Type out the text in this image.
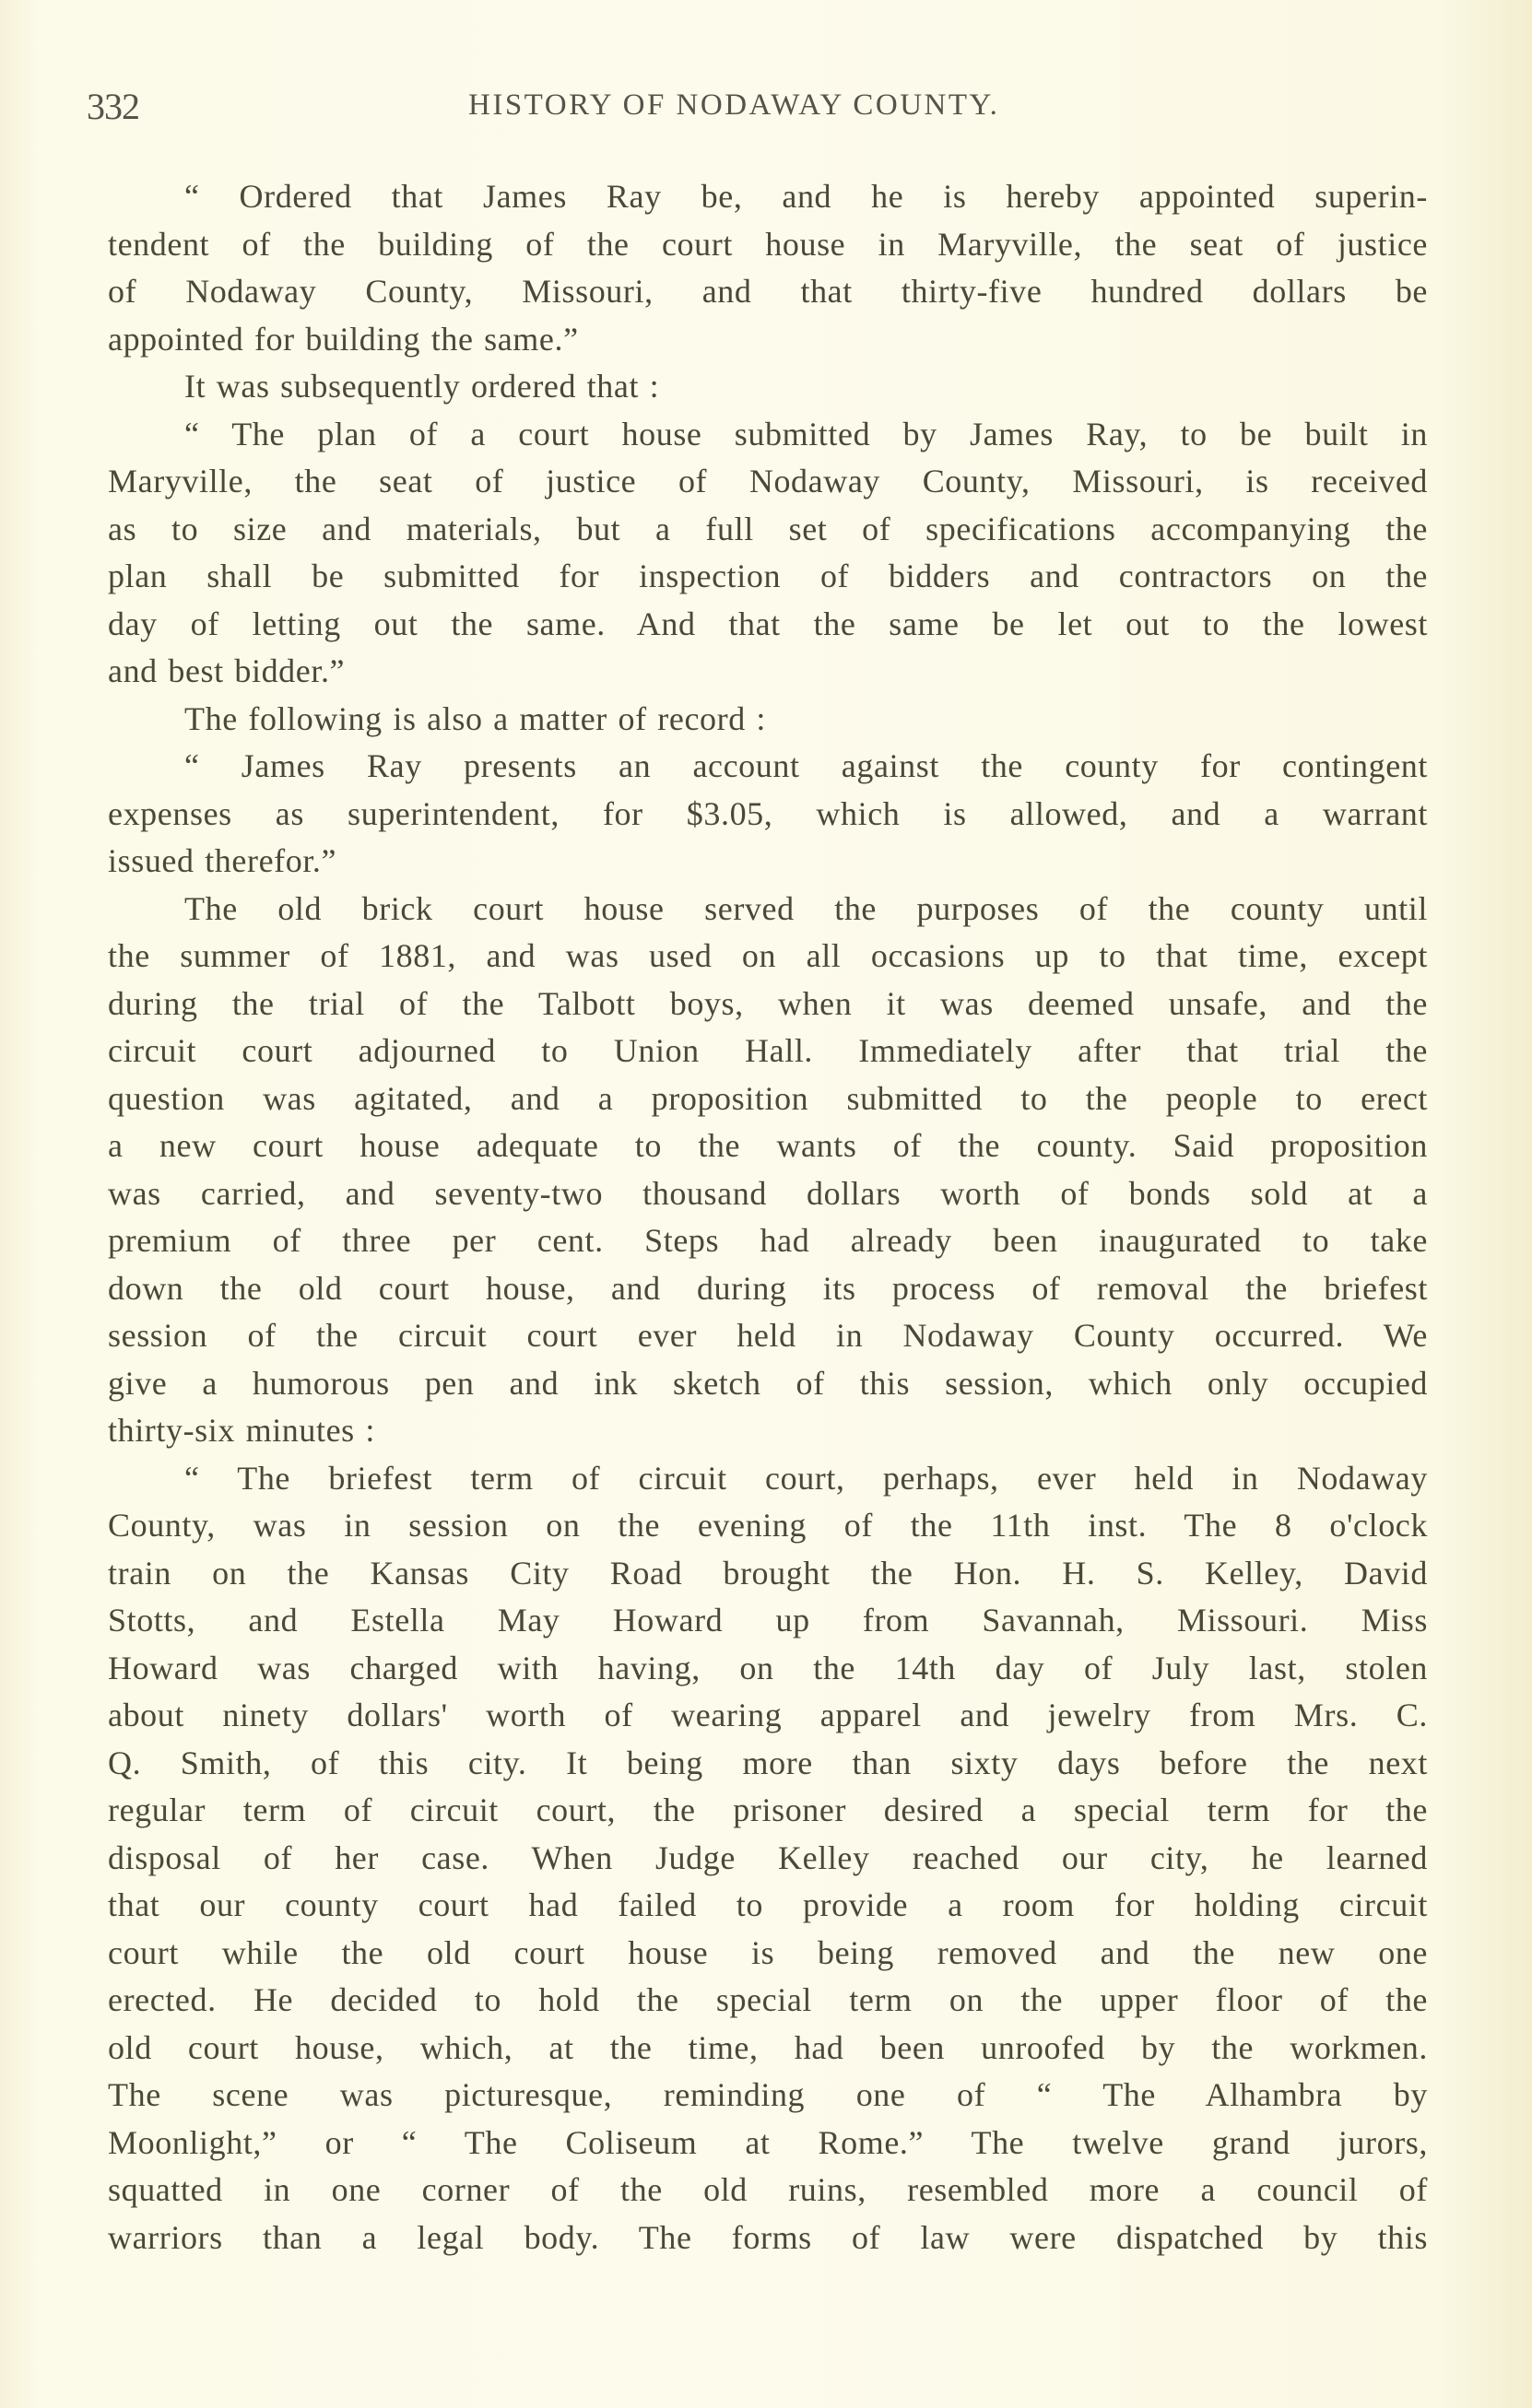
332	HISTORY OF NODAWAY COUNTY.
“ Ordered that James Ray be, and he is hereby appointed superin-
tendent of the building of the court house in Maryville, the seat of justice
of Nodaway County, Missouri, and that thirty-five hundred dollars be
appointed for building the same.”
It was subsequently ordered that :
“ The plan of a court house submitted by James Ray, to be built in
Maryville, the seat of justice of Nodaway County, Missouri, is received
as to size and materials, but a full set of specifications accompanying the
plan shall be submitted for inspection of bidders and contractors on the
day of letting out the same. And that the same be let out to the lowest
and best bidder.”
The following is also a matter of record :
“ James Ray presents an account against the county for contingent
expenses as superintendent, for $3.05, which is allowed, and a warrant
issued therefor.”
The old brick court house served the purposes of the county until
the summer of 1881, and was used on all occasions up to that time, except
during the trial of the Talbott boys, when it was deemed unsafe, and the
circuit court adjourned to Union Hall. Immediately after that trial the
question was agitated, and a proposition submitted to the people to erect
a new court house adequate to the wants of the county. Said proposition
was carried, and seventy-two thousand dollars worth of bonds sold at a
premium of three per cent. Steps had already been inaugurated to take
down the old court house, and during its process of removal the briefest
session of the circuit court ever held in Nodaway County occurred. We
give a humorous pen and ink sketch of this session, which only occupied
thirty-six minutes :
“ The briefest term of circuit court, perhaps, ever held in Nodaway
County, was in session on the evening of the 11th inst. The 8 o'clock
train on the Kansas City Road brought the Hon. H. S. Kelley, David
Stotts, and Estella May Howard up from Savannah, Missouri. Miss
Howard was charged with having, on the 14th day of July last, stolen
about ninety dollars' worth of wearing apparel and jewelry from Mrs. C.
Q. Smith, of this city. It being more than sixty days before the next
regular term of circuit court, the prisoner desired a special term for the
disposal of her case. When Judge Kelley reached our city, he learned
that our county court had failed to provide a room for holding circuit
court while the old court house is being removed and the new one
erected. He decided to hold the special term on the upper floor of the
old court house, which, at the time, had been unroofed by the workmen.
The scene was picturesque, reminding one of “ The Alhambra by
Moonlight,” or “ The Coliseum at Rome.” The twelve grand jurors,
squatted in one corner of the old ruins, resembled more a council of
warriors than a legal body. The forms of law were dispatched by this
